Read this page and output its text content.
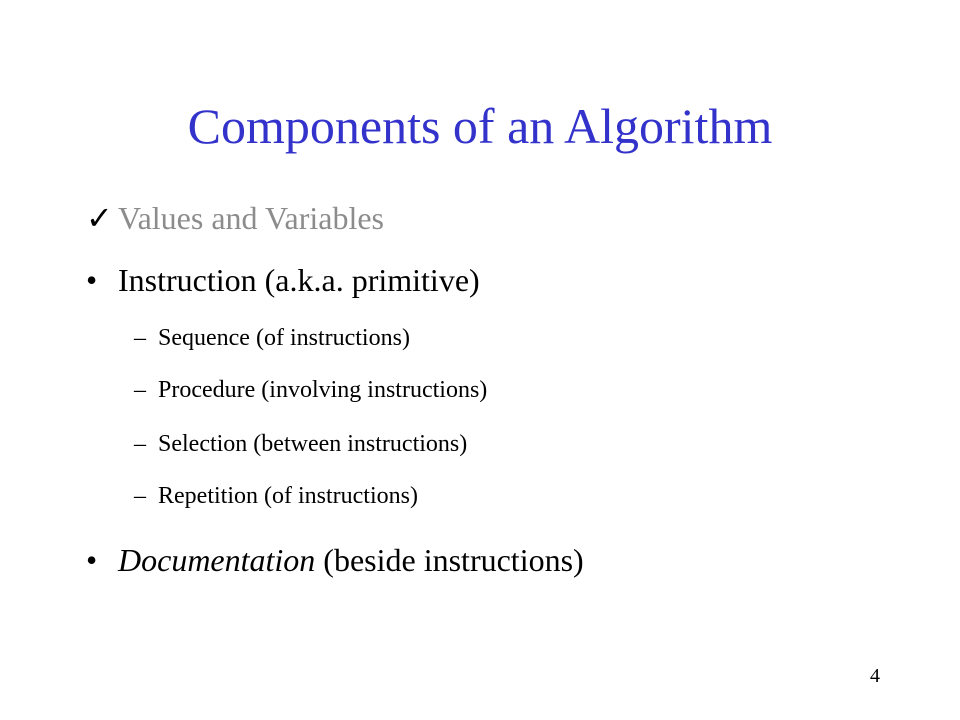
Components of an Algorithm
✓ Values and Variables
• Instruction (a.k.a. primitive)
– Sequence (of instructions)
– Procedure (involving instructions)
– Selection (between instructions)
– Repetition (of instructions)
• Documentation (beside instructions)
4
